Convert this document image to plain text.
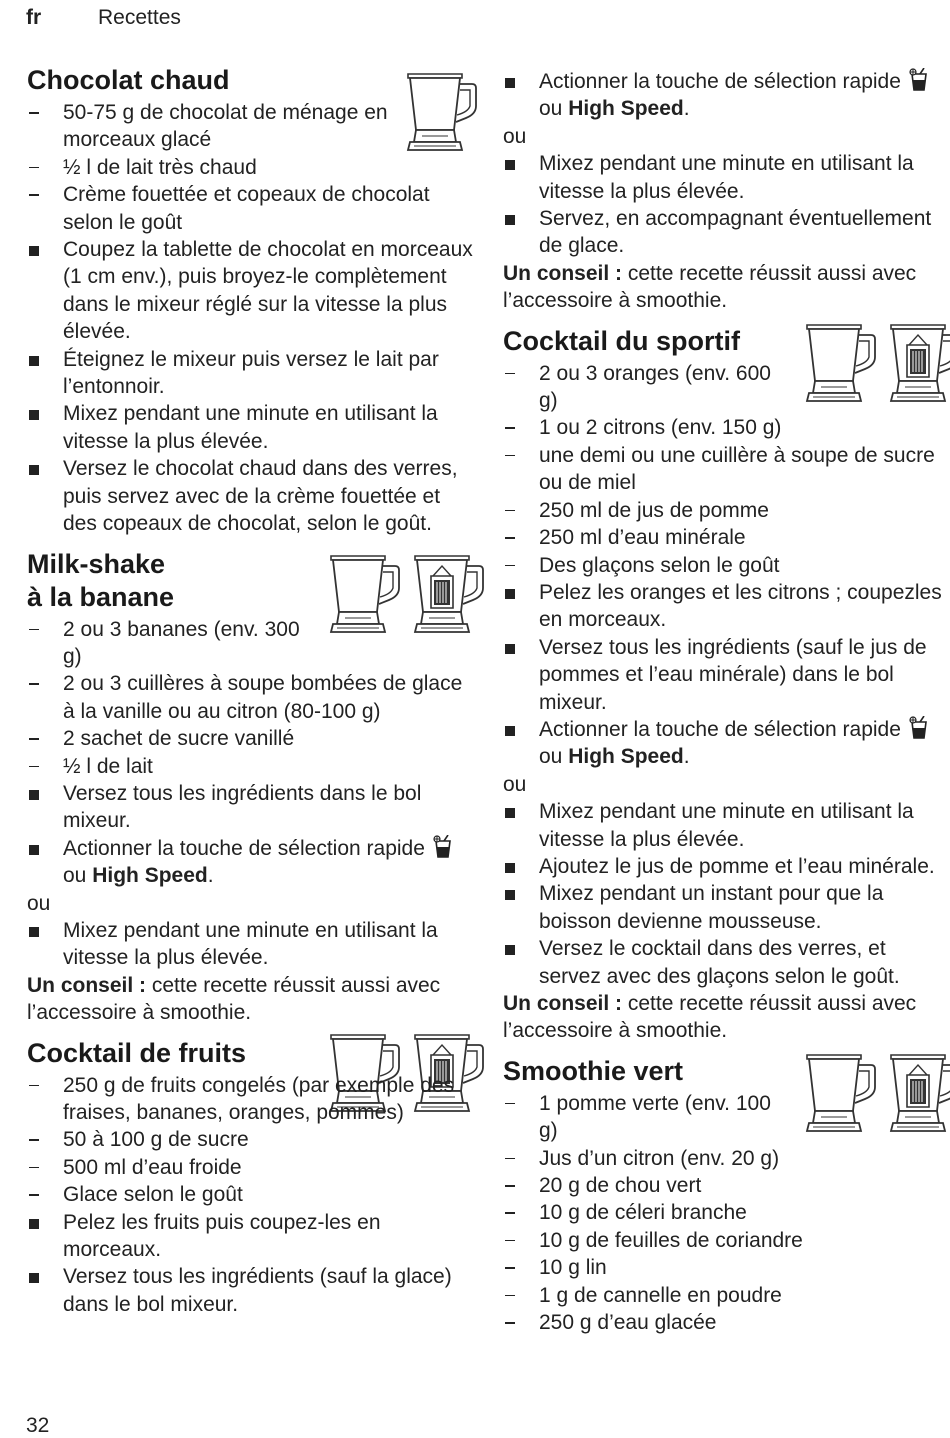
fr	Recettes
Chocolat chaud
50-75 g de chocolat de ménage en morceaux glacé
½ l de lait très chaud
Crème fouettée et copeaux de chocolat selon le goût
Coupez la tablette de chocolat en morceaux (1 cm env.), puis broyez-le complètement dans le mixeur réglé sur la vitesse la plus élevée.
Éteignez le mixeur puis versez le lait par l’entonnoir.
Mixez pendant une minute en utilisant la vitesse la plus élevée.
Versez le chocolat chaud dans des verres, puis servez avec de la crème fouettée et des copeaux de chocolat, selon le goût.
Milk-shake
à la banane
2 ou 3 bananes (env. 300 g)
2 ou 3 cuillères à soupe bombées de glace à la vanille ou au citron (80-100 g)
2 sachet de sucre vanillé
½ l de lait
Versez tous les ingrédients dans le bol mixeur.
Actionner la touche de sélection rapideou High Speed.
ou
Mixez pendant une minute en utilisant la vitesse la plus élevée.
Un conseil : cette recette réussit aussi avec l’accessoire à smoothie.
Cocktail de fruits
250 g de fruits congelés (par exemple des fraises, bananes, oranges, pommes)
50 à 100 g de sucre
500 ml d’eau froide
Glace selon le goût
Pelez les fruits puis coupez-les en morceaux.
Versez tous les ingrédients (sauf la glace) dans le bol mixeur.
Actionner la touche de sélection rapideou High Speed.
ou
Mixez pendant une minute en utilisant la vitesse la plus élevée.
Servez, en accompagnant éventuellement de glace.
Un conseil : cette recette réussit aussi avec l’accessoire à smoothie.
Cocktail du sportif
2 ou 3 oranges (env. 600 g)
1 ou 2 citrons (env. 150 g)
une demi ou une cuillère à soupe de sucre ou de miel
250 ml de jus de pomme
250 ml d’eau minérale
Des glaçons selon le goût
Pelez les oranges et les citrons ; coupezles en morceaux.
Versez tous les ingrédients (sauf le jus de pommes et l’eau minérale) dans le bol mixeur.
Actionner la touche de sélection rapideou High Speed.
ou
Mixez pendant une minute en utilisant la vitesse la plus élevée.
Ajoutez le jus de pomme et l’eau minérale.
Mixez pendant un instant pour que la boisson devienne mousseuse.
Versez le cocktail dans des verres, et servez avec des glaçons selon le goût.
Un conseil : cette recette réussit aussi avec l’accessoire à smoothie.
Smoothie vert
1 pomme verte (env. 100 g)
Jus d’un citron (env. 20 g)
20 g de chou vert
10 g de céleri branche
10 g de feuilles de coriandre
10 g lin
1 g de cannelle en poudre
250 g d’eau glacée
32
